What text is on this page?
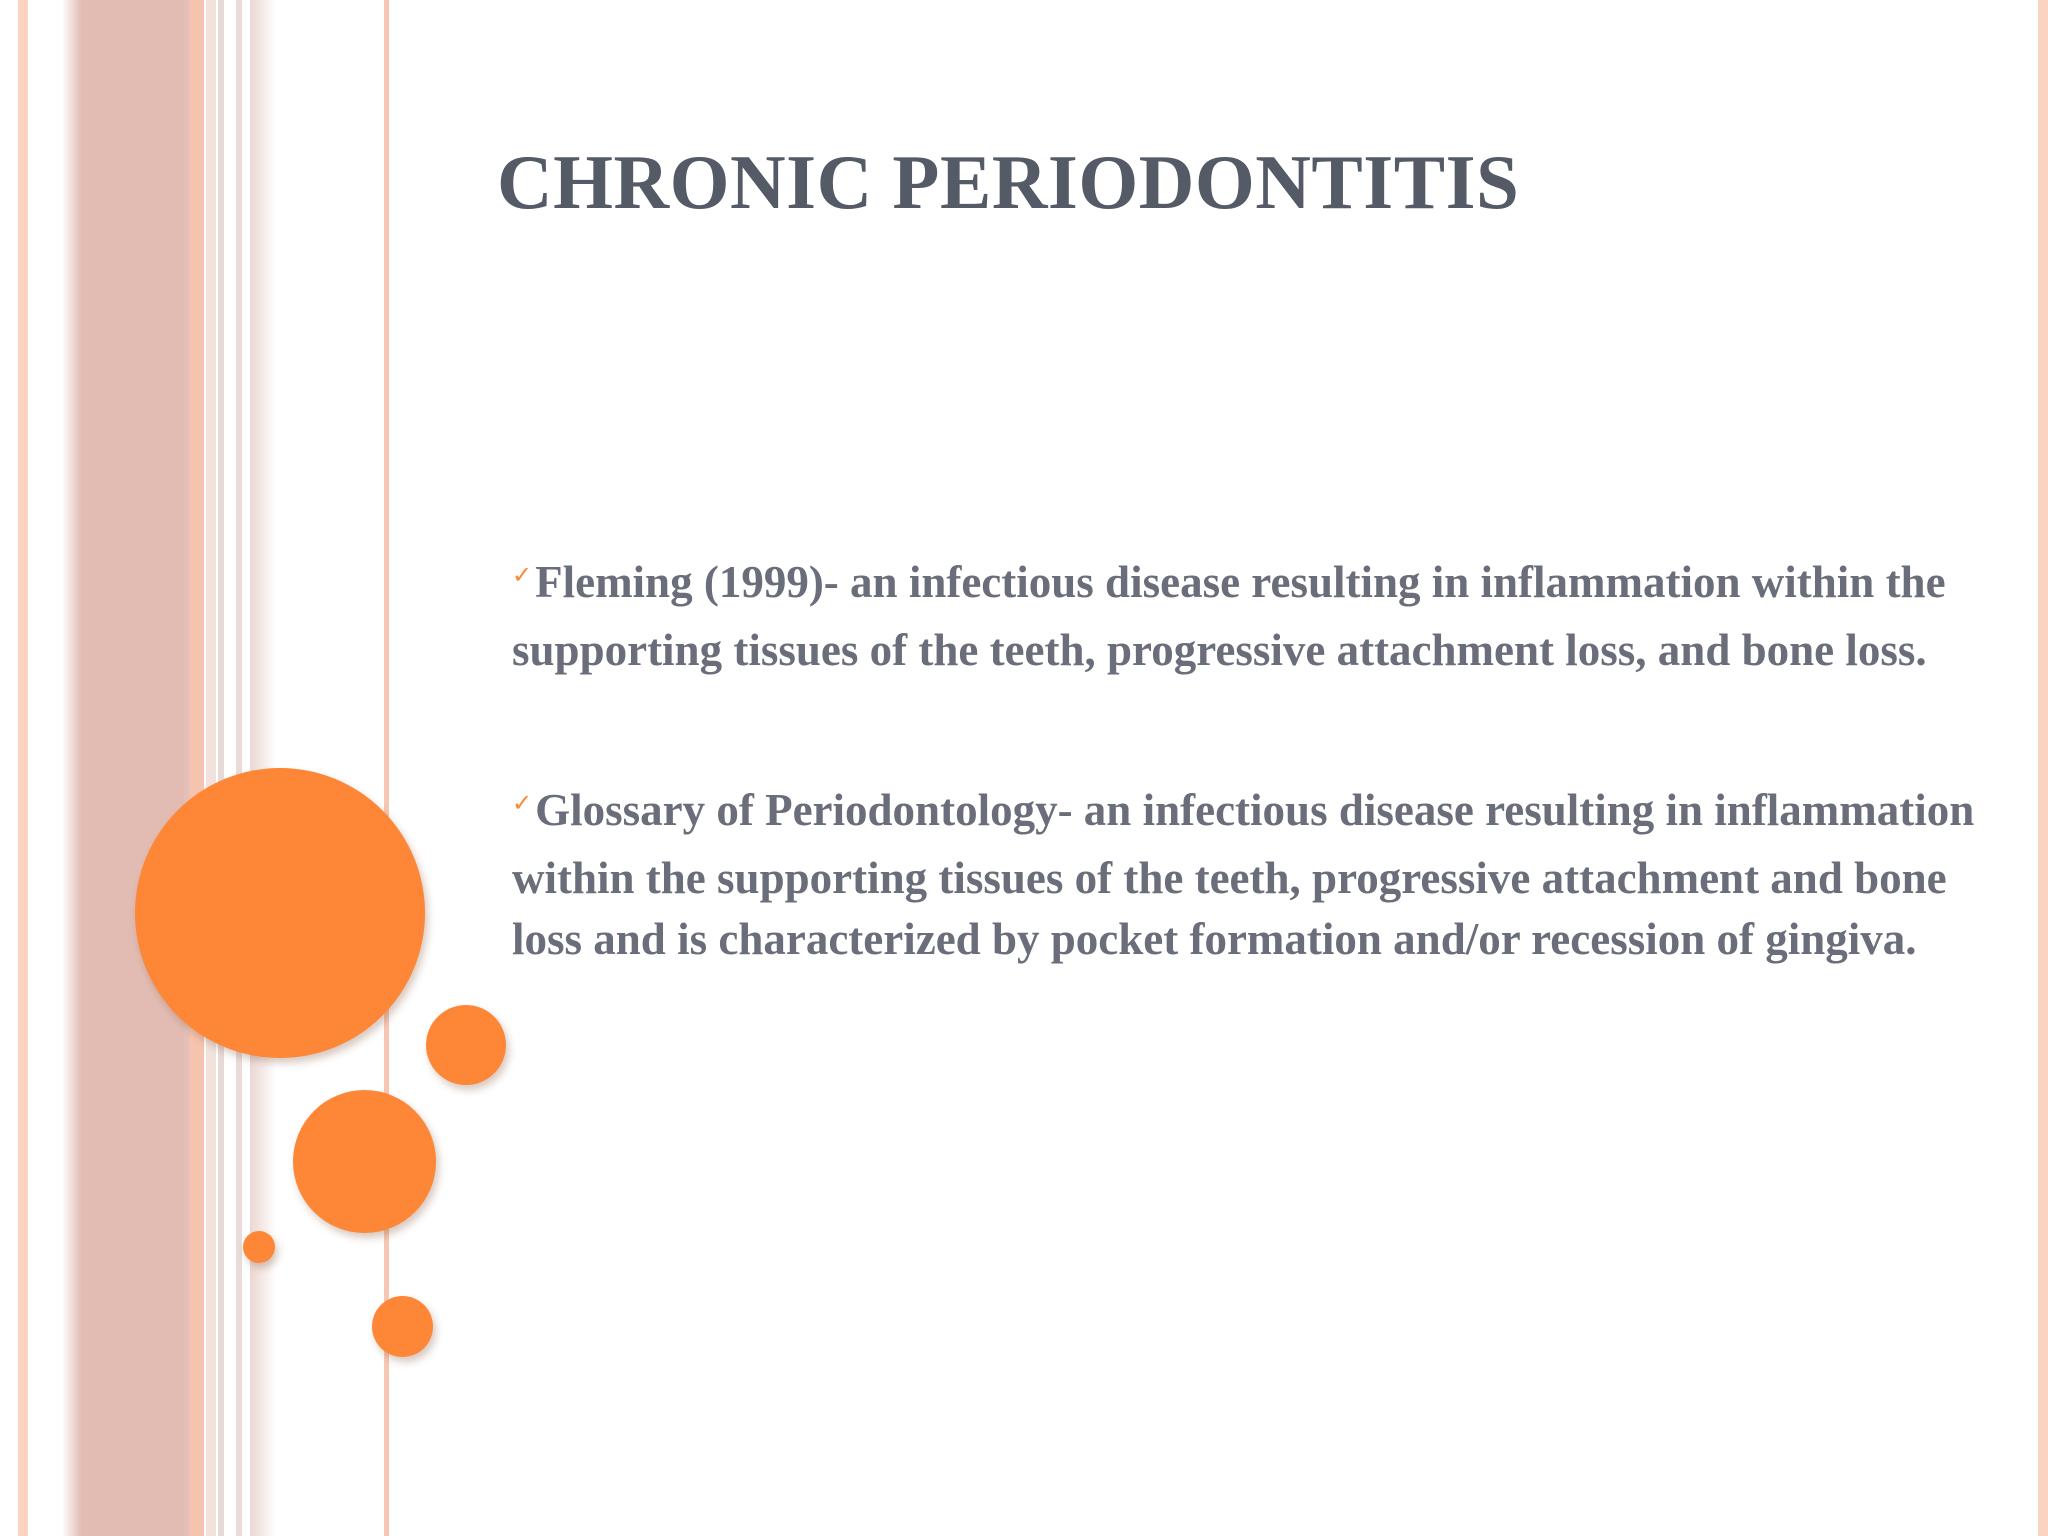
CHRONIC PERIODONTITIS

✓Fleming (1999)- an infectious disease resulting in inflammation within the supporting tissues of the teeth, progressive attachment loss, and bone loss.

✓Glossary of Periodontology- an infectious disease resulting in inflammation within the supporting tissues of the teeth, progressive attachment and bone loss and is characterized by pocket formation and/or recession of gingiva.
